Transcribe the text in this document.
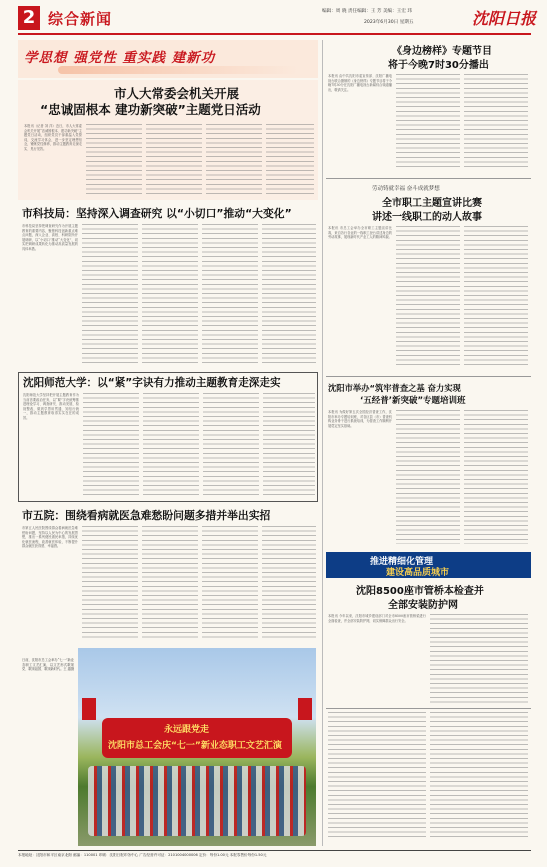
2 综合新闻	编辑：周 晓 责任编辑：王 芳 美编：王宏 玮
2023年6月30日 星期五	沈阳日报
学思想 强党性 重实践 建新功
市人大常委会机关开展
“忠诚固根本 建功新突破”主题党日活动
本报讯（记者 刘 洋）近日，市人大常委会机关开展“忠诚固根本、建功新突破”主题党日活动，组织党员干部重温入党誓词，交流学习体会，进一步坚定理想信念，锤炼党性修养，推动主题教育走深走实、见行见效。
市科技局：坚持深入调查研究 以“小切口”推动“大变化”
市科技局坚持把调查研究作为开展主题教育的重要内容，聚焦科技创新重点难点问题，深入企业、高校、科研院所开展调研，以“小切口”推动“大变化”，切实把调研成果转化为推动高质量发展的具体举措。
沈阳师范大学：以“紧”字诀有力推动主题教育走深走实
沈阳师范大学坚持把开展主题教育作为当前首要政治任务，以“紧”字诀统筹推进理论学习、调查研究、推动发展、检视整改，做到学思用贯通、知信行统一，推动主题教育取得实实在在的成效。
市五院：围绕看病就医急难愁盼问题多措并举出实招
市第五人民医院围绕群众看病就医急难愁盼问题，坚持以人民为中心的发展思想，推出一系列便民惠民举措，持续优化就医流程，改善就医体验，不断提升群众就医获得感、幸福感。
日前，沈阳市总工会举办“七一”新业态职工文艺汇演，以文艺形式歌颂党、歌颂祖国、歌颂新时代。王 越摄
永远跟党走
沈阳市总工会庆“七一”新业态职工文艺汇演
《身边榜样》专题节目
将于今晚7时30分播出
本报讯 由中共沈阳市委宣传部、沈阳广播电视台联合摄制的《身边榜样》专题节目将于今晚7时30分在沈阳广播电视台新闻综合频道播出，敬请关注。
劳动铸就幸福 奋斗成就梦想
全市职工主题宣讲比赛
讲述一线职工的动人故事
本报讯 市总工会举办全市职工主题宣讲比赛，来自各行各业的一线职工登台讲述身边的劳动故事，展现新时代产业工人的精神风貌。
沈阳市举办“筑牢普查之基 奋力实现
‘五经普’新突破”专题培训班
本报讯 为做好第五次全国经济普查工作，沈阳市举办专题培训班，对各区县（市）普查机构业务骨干进行系统培训，为普查工作顺利开展奠定坚实基础。
推进精细化管理
建设高品质城市
沈阳8500座市管桥本检查并
全部安装防护网
本报讯 今年以来，沈阳市城乡建设部门对全市8500座市管桥梁进行全面检查，并全部安装防护网，切实保障群众出行安全。
本报地址：沈阳市和平区南京北街 邮编：110001 印刷：沈阳日报印务中心 广告经营许可证：2101004000006 定价：每份1.00元 本报零售价每份1.50元
